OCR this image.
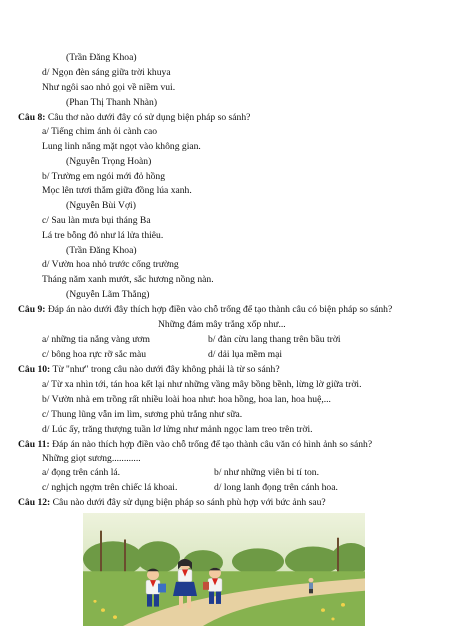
(Trần Đăng Khoa)
d/ Ngọn đèn sáng giữa trời khuya
Như ngôi sao nhỏ gọi về niềm vui.
(Phan Thị Thanh Nhàn)
Câu 8: Câu thơ nào dưới đây có sử dụng biện pháp so sánh?
a/ Tiếng chim ánh ỏi cành cao
Lung linh nắng mặt ngọt vào không gian.
(Nguyễn Trọng Hoàn)
b/ Trường em ngói mới đỏ hồng
Mọc lên tươi thắm giữa đồng lúa xanh.
(Nguyễn Bùi Vợi)
c/ Sau làn mưa bụi tháng Ba
Lá tre bỗng đỏ như lá lửa thiêu.
(Trần Đăng Khoa)
d/ Vườn hoa nhỏ trước cổng trường
Tháng năm xanh mướt, sắc hương nồng nàn.
(Nguyễn Lãm Thắng)
Câu 9: Đáp án nào dưới đây thích hợp điền vào chỗ trống để tạo thành câu có biện pháp so sánh?
Những đám mây trắng xốp như...
a/ những tia nắng vàng ươm	b/ đàn cừu lang thang trên bầu trời
c/ bông hoa rực rỡ sắc màu	d/ dải lụa mềm mại
Câu 10: Từ "như" trong câu nào dưới đây không phải là từ so sánh?
a/ Từ xa nhìn tới, tán hoa kết lại như những vầng mây bồng bềnh, lừng lờ giữa trời.
b/ Vườn nhà em trồng rất nhiều loài hoa như: hoa hồng, hoa lan, hoa huệ,...
c/ Thung lũng vẫn im lìm, sương phủ trắng như sữa.
d/ Lúc ấy, trăng thượng tuần lơ lửng như mảnh ngọc lam treo trên trời.
Câu 11: Đáp án nào thích hợp điền vào chỗ trống để tạo thành câu văn có hình ảnh so sánh?
Những giọt sương............
a/ đọng trên cánh lá.	b/ như những viên bi tí ton.
c/ nghịch ngợm trên chiếc lá khoai.	d/ long lanh đọng trên cánh hoa.
Câu 12: Câu nào dưới đây sử dụng biện pháp so sánh phù hợp với bức ảnh sau?
